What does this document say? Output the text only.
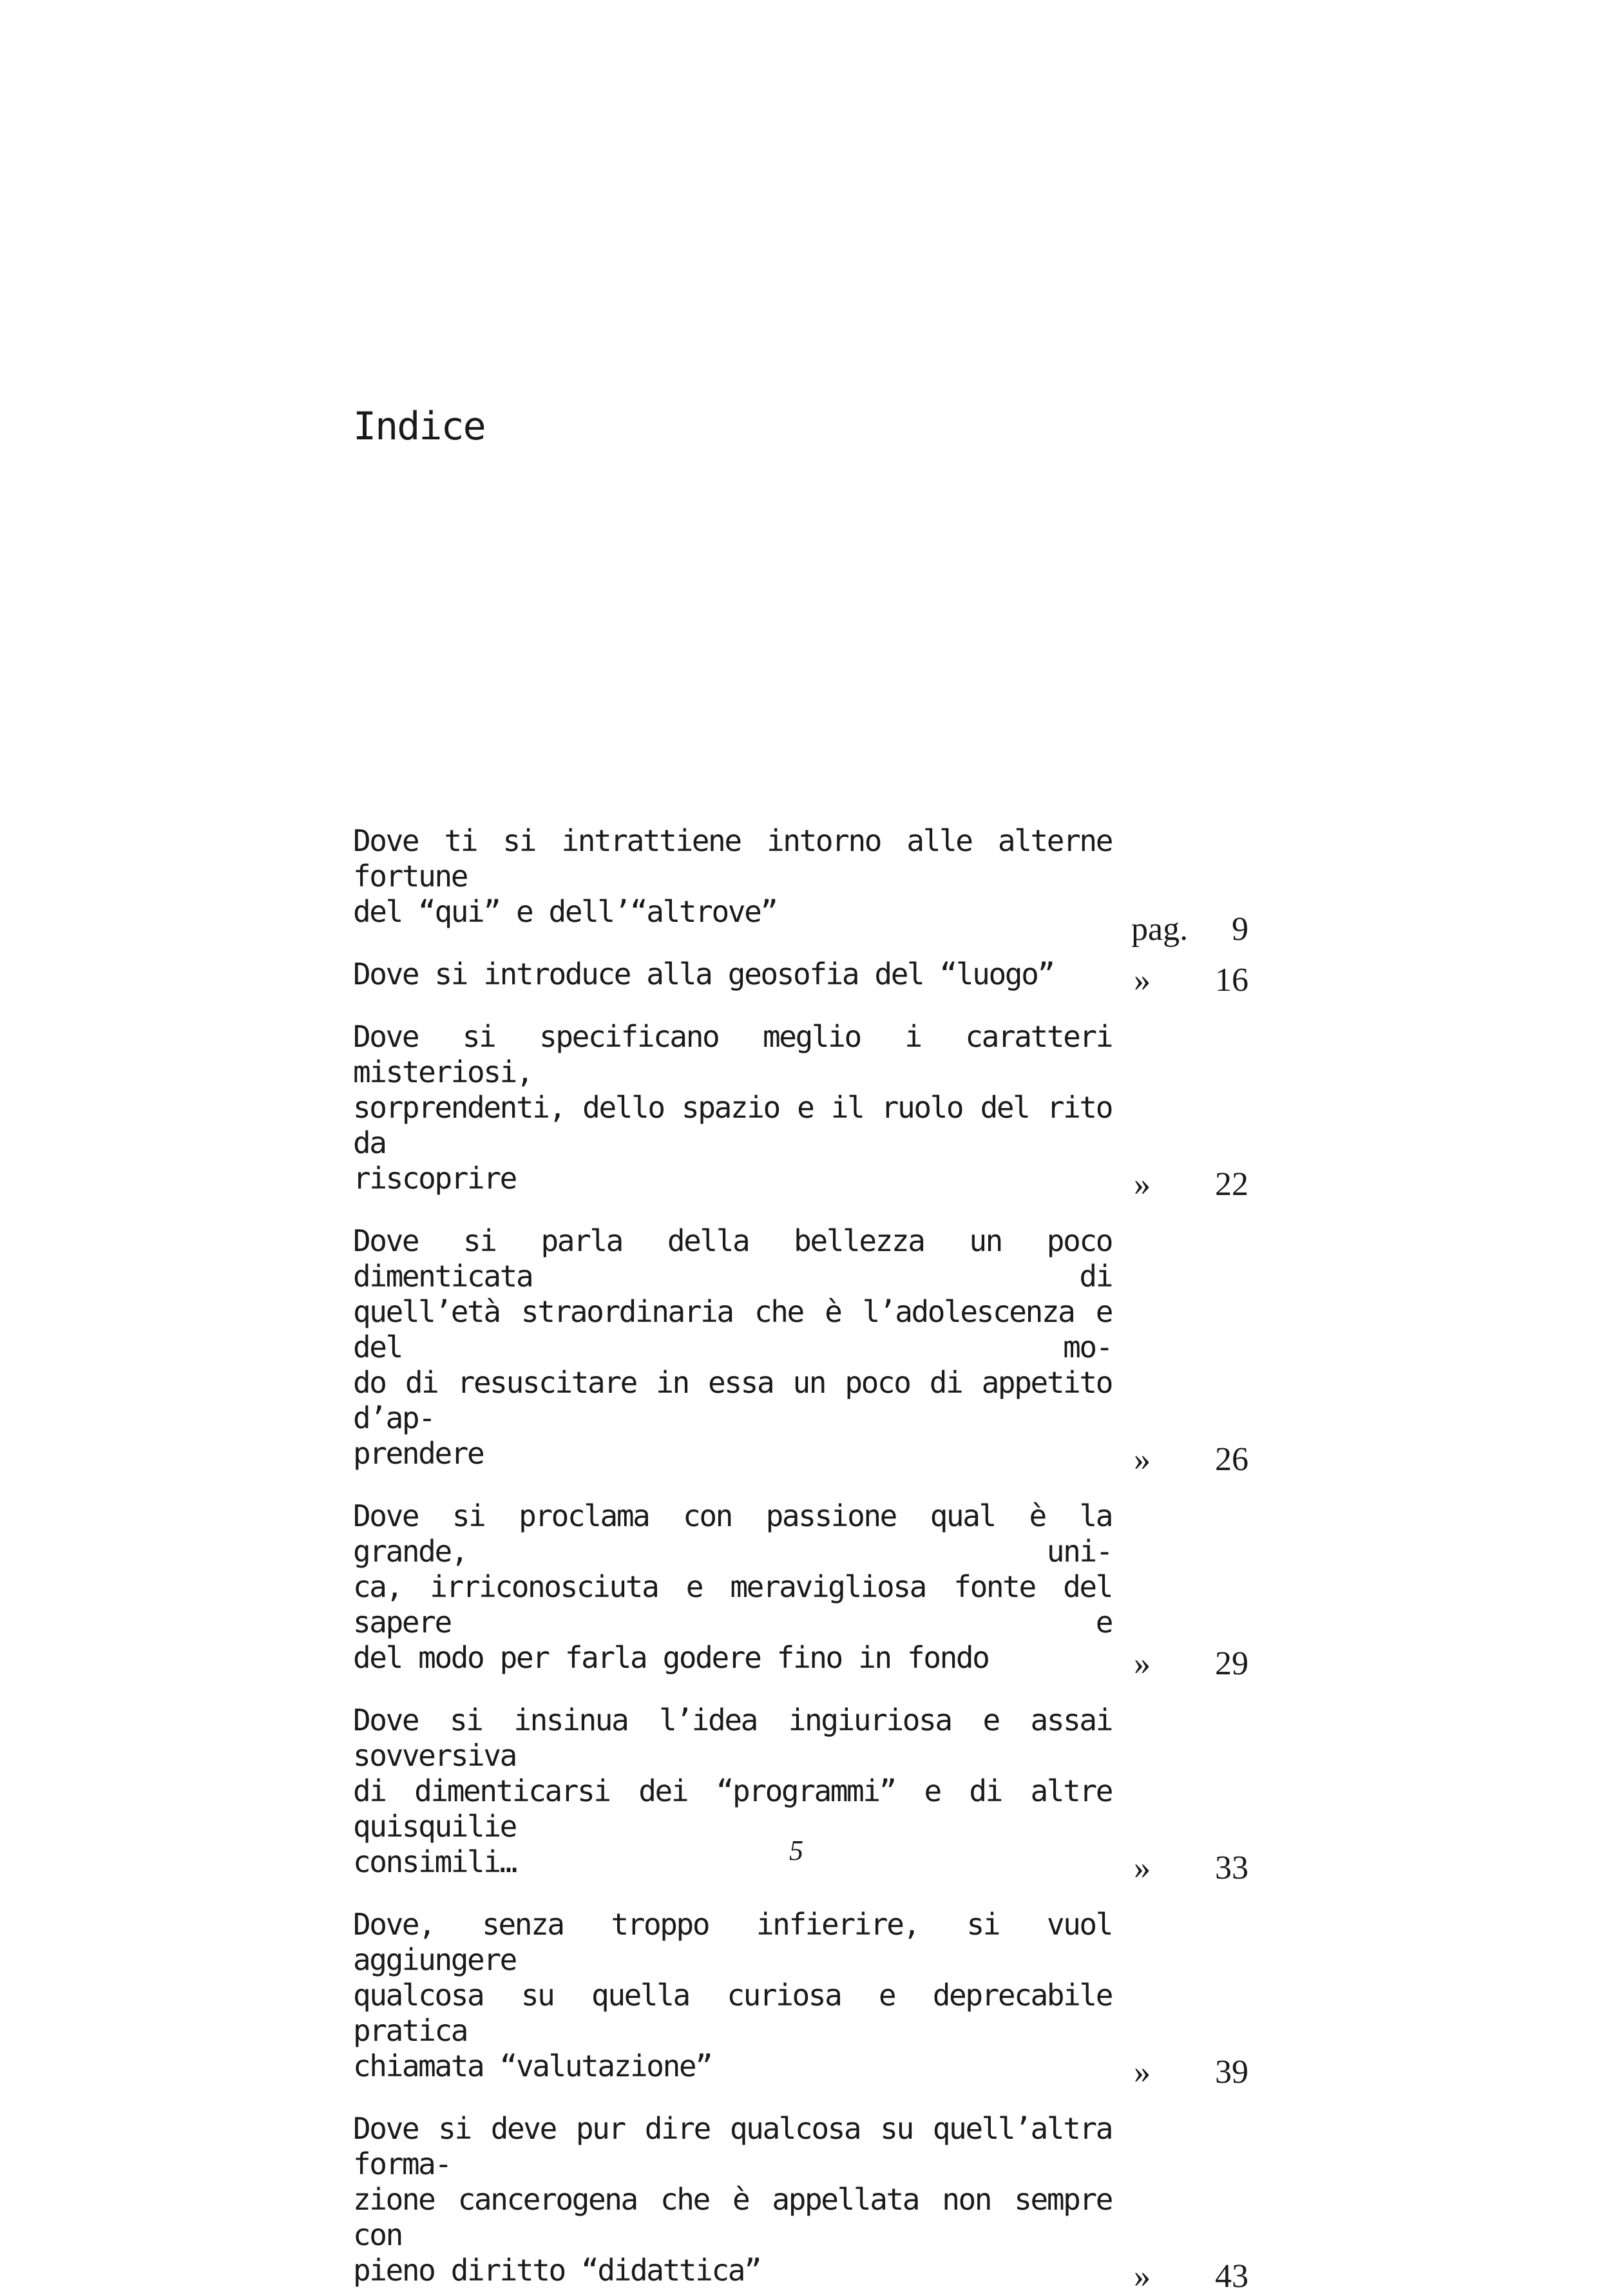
Indice
Dove ti si intrattiene intorno alle alterne fortune
del “qui” e dell’“altrove”	pag. 9
Dove si introduce alla geosofia del “luogo”	» 16
Dove si specificano meglio i caratteri misteriosi,
sorprendenti, dello spazio e il ruolo del rito da
riscoprire	» 22
Dove si parla della bellezza un poco dimenticata di
quell’età straordinaria che è l’adolescenza e del mo-
do di resuscitare in essa un poco di appetito d’ap-
prendere	» 26
Dove si proclama con passione qual è la grande, uni-
ca, irriconosciuta e meravigliosa fonte del sapere e
del modo per farla godere fino in fondo	» 29
Dove si insinua l’idea ingiuriosa e assai sovversiva
di dimenticarsi dei “programmi” e di altre quisquilie
consimili…	» 33
Dove, senza troppo infierire, si vuol aggiungere
qualcosa su quella curiosa e deprecabile pratica
chiamata “valutazione”	» 39
Dove si deve pur dire qualcosa su quell’altra forma-
zione cancerogena che è appellata non sempre con
pieno diritto “didattica”	» 43
5
